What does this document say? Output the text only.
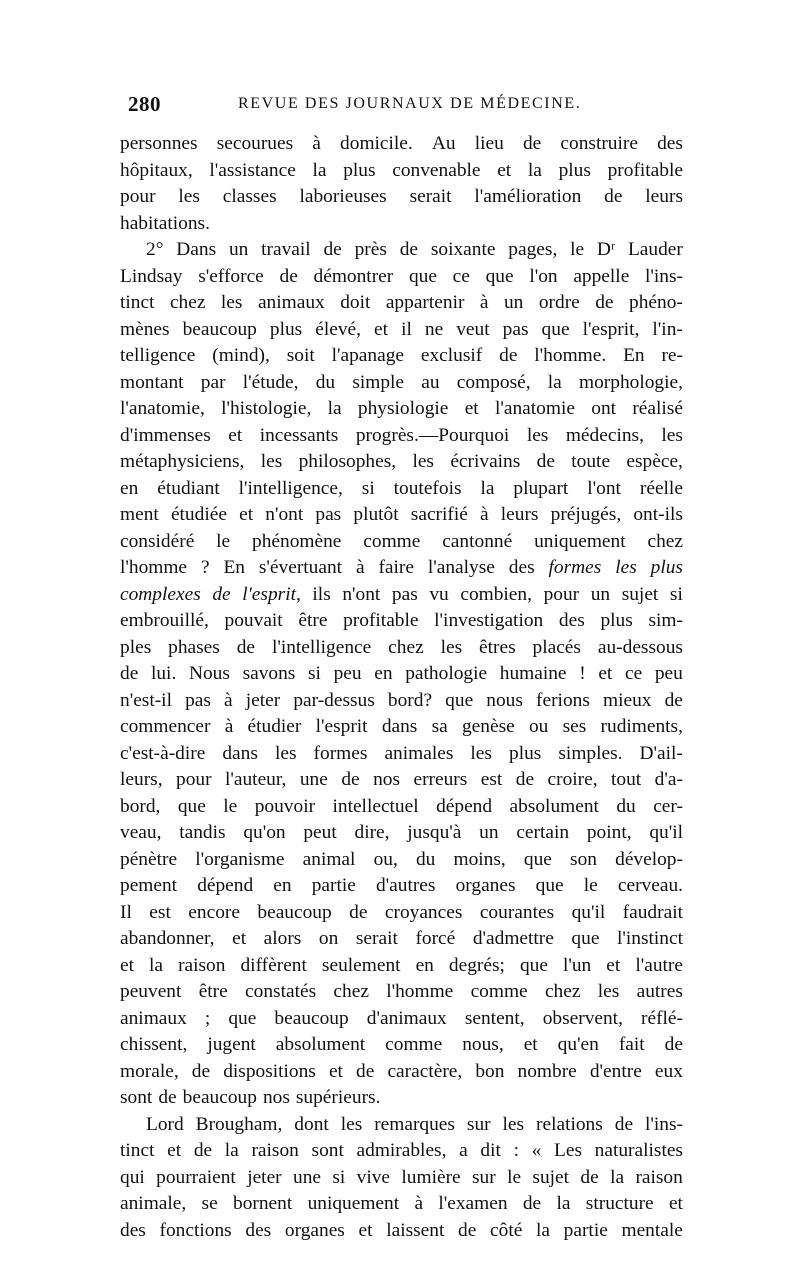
280	REVUE DES JOURNAUX DE MÉDECINE.
personnes secourues à domicile. Au lieu de construire des
hôpitaux, l'assistance la plus convenable et la plus profitable
pour les classes laborieuses serait l'amélioration de leurs
habitations.
2° Dans un travail de près de soixante pages, le Dʳ Lauder
Lindsay s'efforce de démontrer que ce que l'on appelle l'ins-
tinct chez les animaux doit appartenir à un ordre de phéno-
mènes beaucoup plus élevé, et il ne veut pas que l'esprit, l'in-
telligence (mind), soit l'apanage exclusif de l'homme. En re-
montant par l'étude, du simple au composé, la morphologie,
l'anatomie, l'histologie, la physiologie et l'anatomie ont réalisé
d'immenses et incessants progrès.—Pourquoi les médecins, les
métaphysiciens, les philosophes, les écrivains de toute espèce,
en étudiant l'intelligence, si toutefois la plupart l'ont réelle
ment étudiée et n'ont pas plutôt sacrifié à leurs préjugés, ont-ils
considéré le phénomène comme cantonné uniquement chez
l'homme ? En s'évertuant à faire l'analyse des formes les plus
complexes de l'esprit, ils n'ont pas vu combien, pour un sujet si
embrouillé, pouvait être profitable l'investigation des plus sim-
ples phases de l'intelligence chez les êtres placés au-dessous
de lui. Nous savons si peu en pathologie humaine ! et ce peu
n'est-il pas à jeter par-dessus bord? que nous ferions mieux de
commencer à étudier l'esprit dans sa genèse ou ses rudiments,
c'est-à-dire dans les formes animales les plus simples. D'ail-
leurs, pour l'auteur, une de nos erreurs est de croire, tout d'a-
bord, que le pouvoir intellectuel dépend absolument du cer-
veau, tandis qu'on peut dire, jusqu'à un certain point, qu'il
pénètre l'organisme animal ou, du moins, que son dévelop-
pement dépend en partie d'autres organes que le cerveau.
Il est encore beaucoup de croyances courantes qu'il faudrait
abandonner, et alors on serait forcé d'admettre que l'instinct
et la raison diffèrent seulement en degrés; que l'un et l'autre
peuvent être constatés chez l'homme comme chez les autres
animaux ; que beaucoup d'animaux sentent, observent, réflé-
chissent, jugent absolument comme nous, et qu'en fait de
morale, de dispositions et de caractère, bon nombre d'entre eux
sont de beaucoup nos supérieurs.
Lord Brougham, dont les remarques sur les relations de l'ins-
tinct et de la raison sont admirables, a dit : « Les naturalistes
qui pourraient jeter une si vive lumière sur le sujet de la raison
animale, se bornent uniquement à l'examen de la structure et
des fonctions des organes et laissent de côté la partie mentale
